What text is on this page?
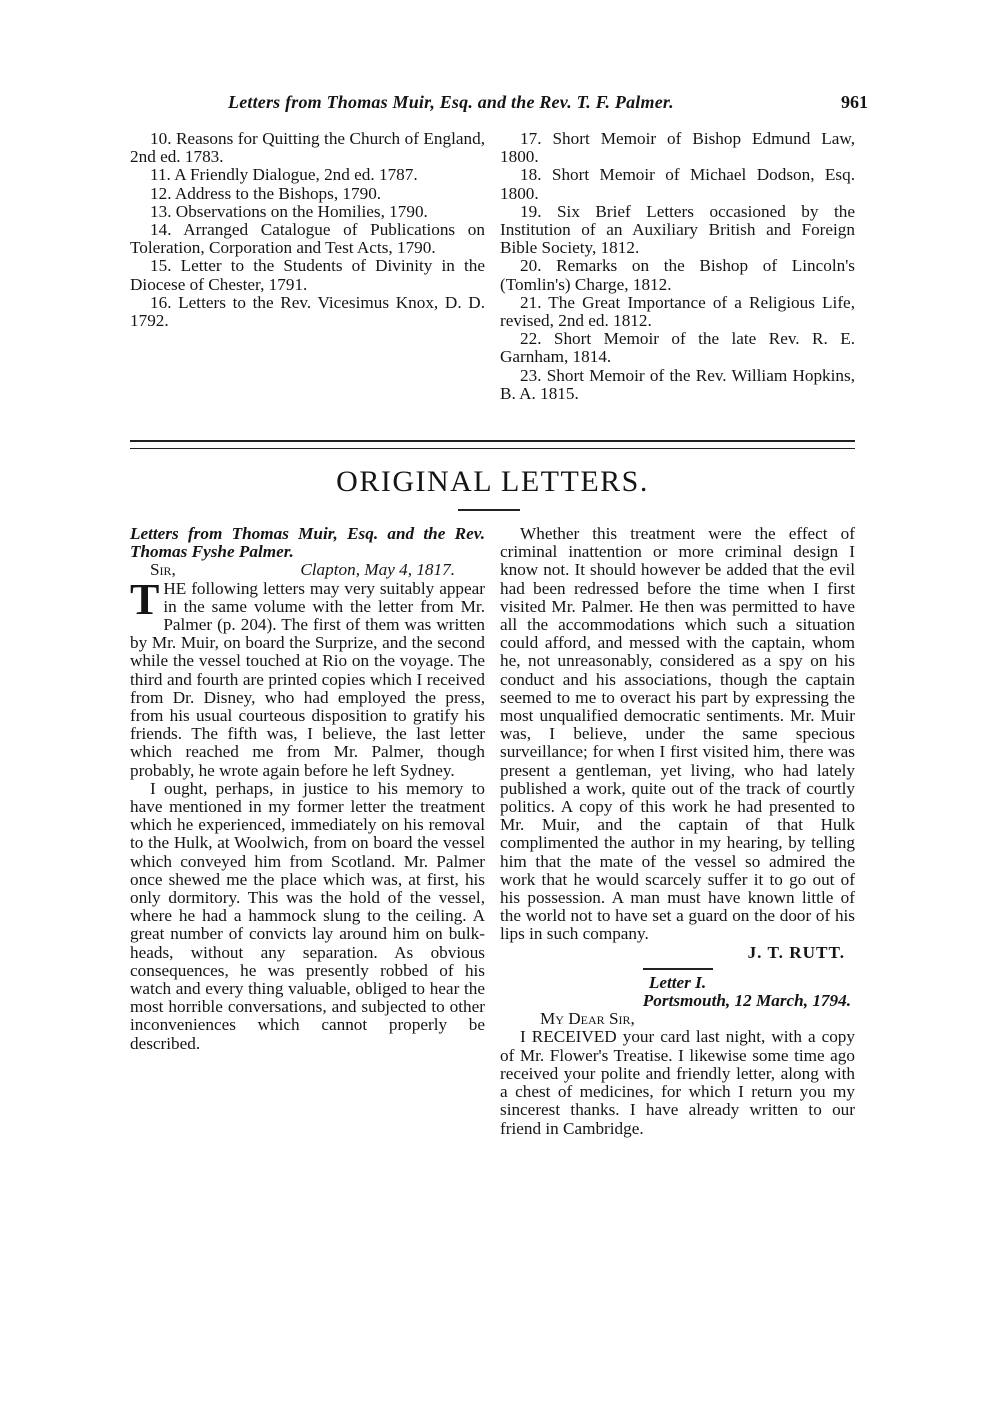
Letters from Thomas Muir, Esq. and the Rev. T. F. Palmer.	961

10. Reasons for Quitting the Church of England, 2nd ed. 1783.

11. A Friendly Dialogue, 2nd ed. 1787.

12. Address to the Bishops, 1790.

13. Observations on the Homilies, 1790.

14. Arranged Catalogue of Publications on Toleration, Corporation and Test Acts, 1790.

15. Letter to the Students of Divinity in the Diocese of Chester, 1791.

16. Letters to the Rev. Vicesimus Knox, D. D. 1792.

17. Short Memoir of Bishop Edmund Law, 1800.

18. Short Memoir of Michael Dodson, Esq. 1800.

19. Six Brief Letters occasioned by the Institution of an Auxiliary British and Foreign Bible Society, 1812.

20. Remarks on the Bishop of Lincoln's (Tomlin's) Charge, 1812.

21. The Great Importance of a Religious Life, revised, 2nd ed. 1812.

22. Short Memoir of the late Rev. R. E. Garnham, 1814.

23. Short Memoir of the Rev. William Hopkins, B. A. 1815.

ORIGINAL LETTERS.

Letters from Thomas Muir, Esq. and the Rev. Thomas Fyshe Palmer.

Sir,	Clapton, May 4, 1817.

T HE following letters may very suitably appear in the same volume with the letter from Mr. Palmer (p. 204). The first of them was written by Mr. Muir, on board the Surprize, and the second while the vessel touched at Rio on the voyage. The third and fourth are printed copies which I received from Dr. Disney, who had employed the press, from his usual courteous disposition to gratify his friends. The fifth was, I believe, the last letter which reached me from Mr. Palmer, though probably, he wrote again before he left Sydney.

I ought, perhaps, in justice to his memory to have mentioned in my former letter the treatment which he experienced, immediately on his removal to the Hulk, at Woolwich, from on board the vessel which conveyed him from Scotland. Mr. Palmer once shewed me the place which was, at first, his only dormitory. This was the hold of the vessel, where he had a hammock slung to the ceiling. A great number of convicts lay around him on bulk-heads, without any separation. As obvious consequences, he was presently robbed of his watch and every thing valuable, obliged to hear the most horrible conversations, and subjected to other inconveniences which cannot properly be described.

Whether this treatment were the effect of criminal inattention or more criminal design I know not. It should however be added that the evil had been redressed before the time when I first visited Mr. Palmer. He then was permitted to have all the accommodations which such a situation could afford, and messed with the captain, whom he, not unreasonably, considered as a spy on his conduct and his associations, though the captain seemed to me to overact his part by expressing the most unqualified democratic sentiments. Mr. Muir was, I believe, under the same specious surveillance; for when I first visited him, there was present a gentleman, yet living, who had lately published a work, quite out of the track of courtly politics. A copy of this work he had presented to Mr. Muir, and the captain of that Hulk complimented the author in my hearing, by telling him that the mate of the vessel so admired the work that he would scarcely suffer it to go out of his possession. A man must have known little of the world not to have set a guard on the door of his lips in such company.

J. T. RUTT.

Letter I.

Portsmouth, 12 March, 1794.

My Dear Sir,

I RECEIVED your card last night, with a copy of Mr. Flower's Treatise. I likewise some time ago received your polite and friendly letter, along with a chest of medicines, for which I return you my sincerest thanks. I have already written to our friend in Cambridge.
